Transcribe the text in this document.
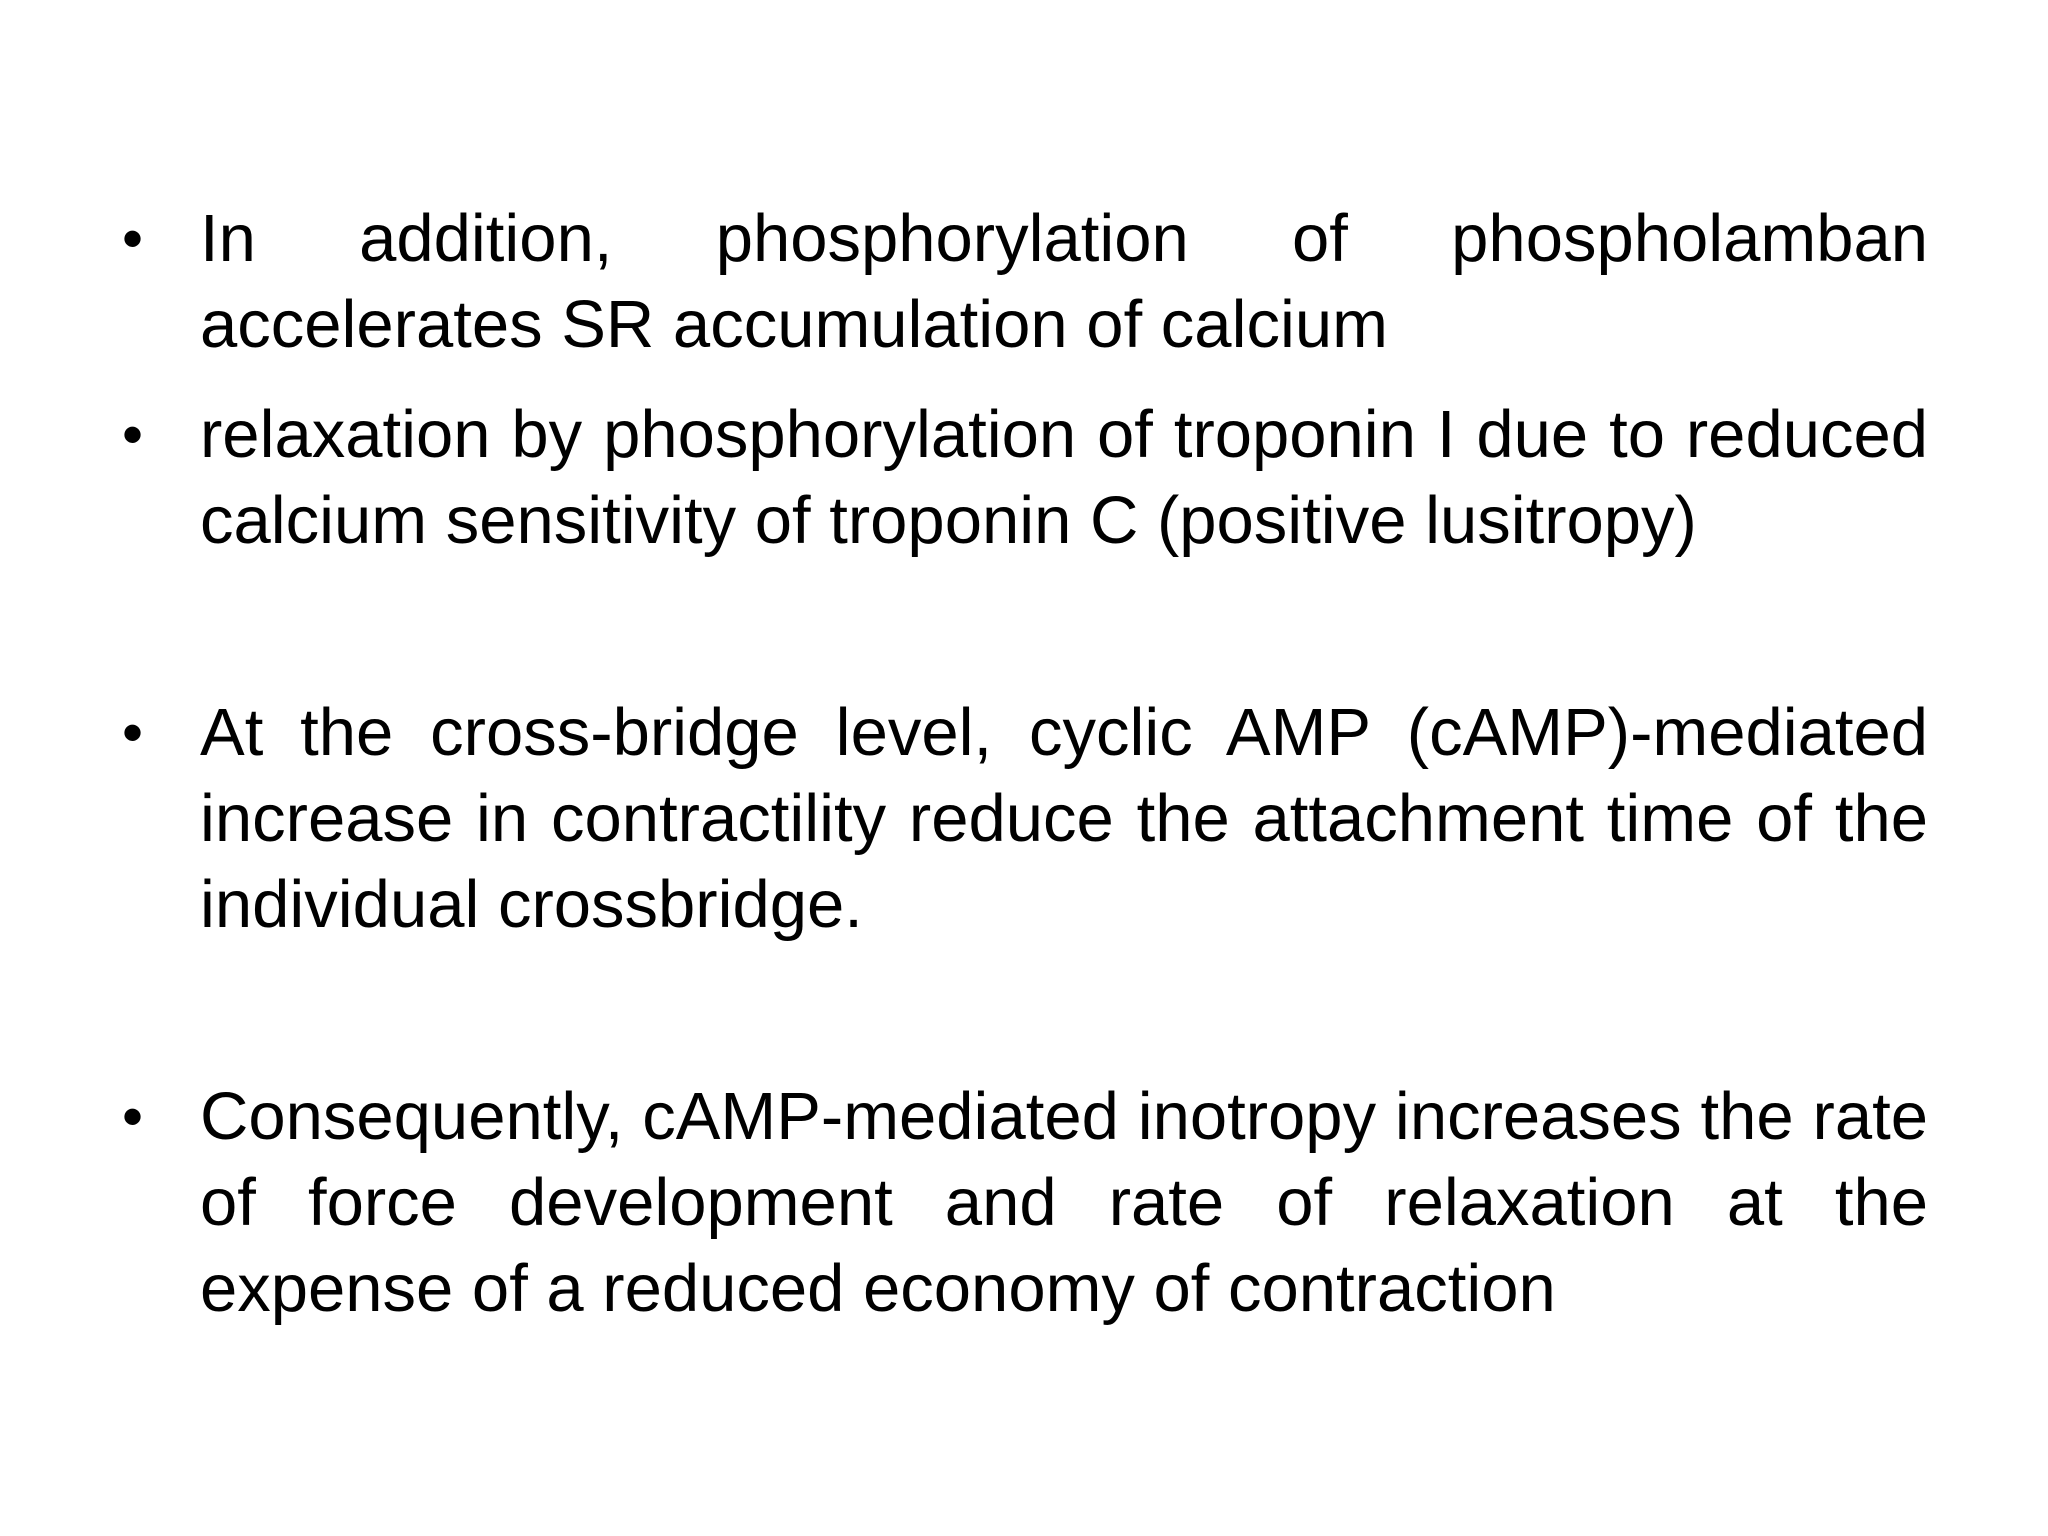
• In addition, phosphorylation of phospholamban accelerates SR accumulation of calcium
• relaxation by phosphorylation of troponin I due to reduced calcium sensitivity of troponin C (positive lusitropy)
• At the cross-bridge level, cyclic AMP (cAMP)-mediated increase in contractility reduce the attachment time of the individual crossbridge.
• Consequently, cAMP-mediated inotropy increases the rate of force development and rate of relaxation at the expense of a reduced economy of contraction
